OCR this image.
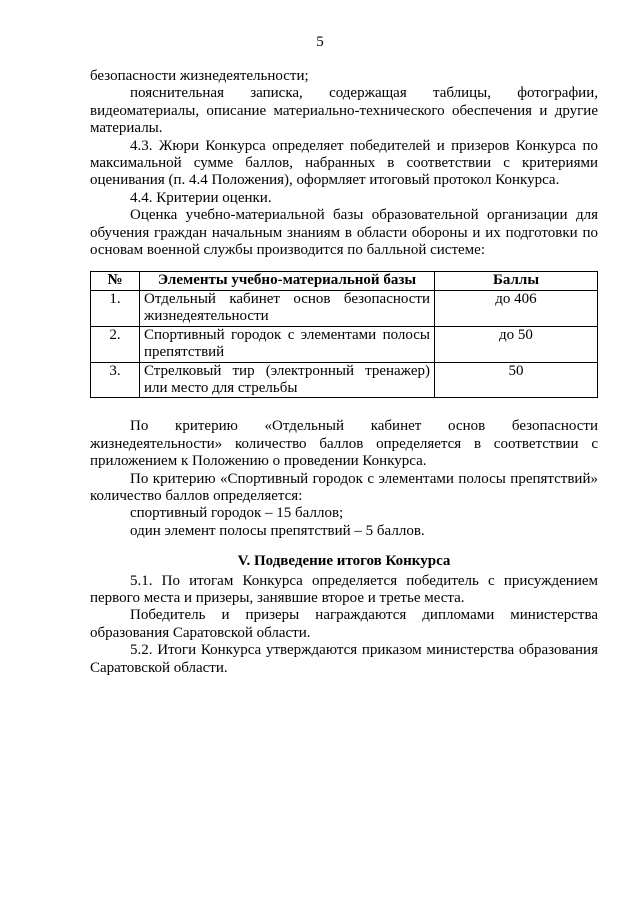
5

безопасности жизнедеятельности;

пояснительная записка, содержащая таблицы, фотографии, видеоматериалы, описание материально-технического обеспечения и другие материалы.

4.3. Жюри Конкурса определяет победителей и призеров Конкурса по максимальной сумме баллов, набранных в соответствии с критериями оценивания (п. 4.4 Положения), оформляет итоговый протокол Конкурса.

4.4. Критерии оценки.

Оценка учебно-материальной базы образовательной организации для обучения граждан начальным знаниям в области обороны и их подготовки по основам военной службы производится по балльной системе:

№	Элементы учебно-материальной базы	Баллы
1.	Отдельный кабинет основ безопасности жизнедеятельности	до 406
2.	Спортивный городок с элементами полосы препятствий	до 50
3.	Стрелковый тир (электронный тренажер) или место для стрельбы	50

По критерию «Отдельный кабинет основ безопасности жизнедеятельности» количество баллов определяется в соответствии с приложением к Положению о проведении Конкурса.

По критерию «Спортивный городок с элементами полосы препятствий» количество баллов определяется:

спортивный городок – 15 баллов;

один элемент полосы препятствий – 5 баллов.

V. Подведение итогов Конкурса

5.1. По итогам Конкурса определяется победитель с присуждением первого места и призеры, занявшие второе и третье места.

Победитель и призеры награждаются дипломами министерства образования Саратовской области.

5.2. Итоги Конкурса утверждаются приказом министерства образования Саратовской области.
